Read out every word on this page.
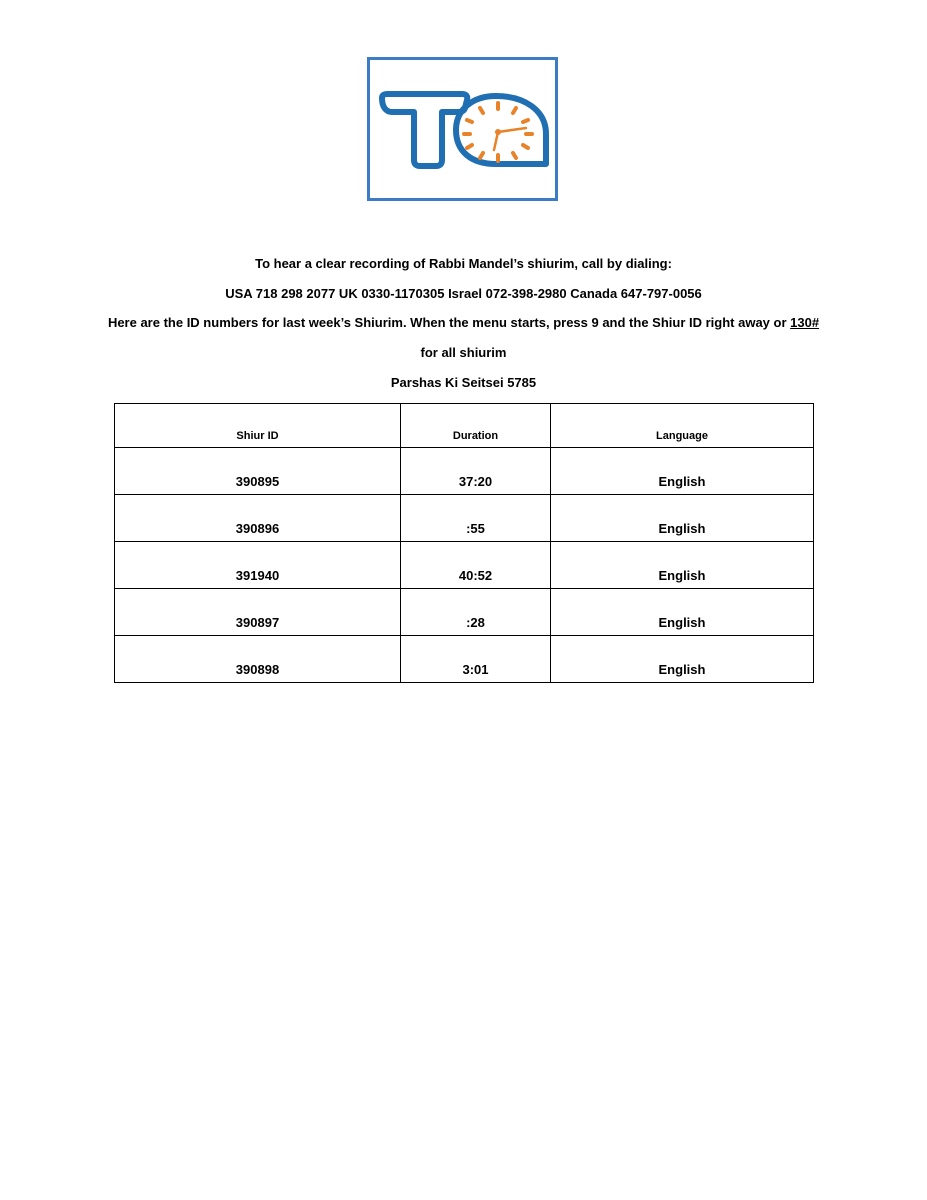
To hear a clear recording of Rabbi Mandel’s shiurim, call by dialing:
USA 718 298 2077 UK 0330-1170305 Israel 072-398-2980 Canada 647-797-0056
Here are the ID numbers for last week’s Shiurim. When the menu starts, press 9 and the Shiur ID right away or 130#
for all shiurim
Parshas Ki Seitsei 5785
Shiur ID	Duration	Language
390895	37:20	English
390896	:55	English
391940	40:52	English
390897	:28	English
390898	3:01	English
